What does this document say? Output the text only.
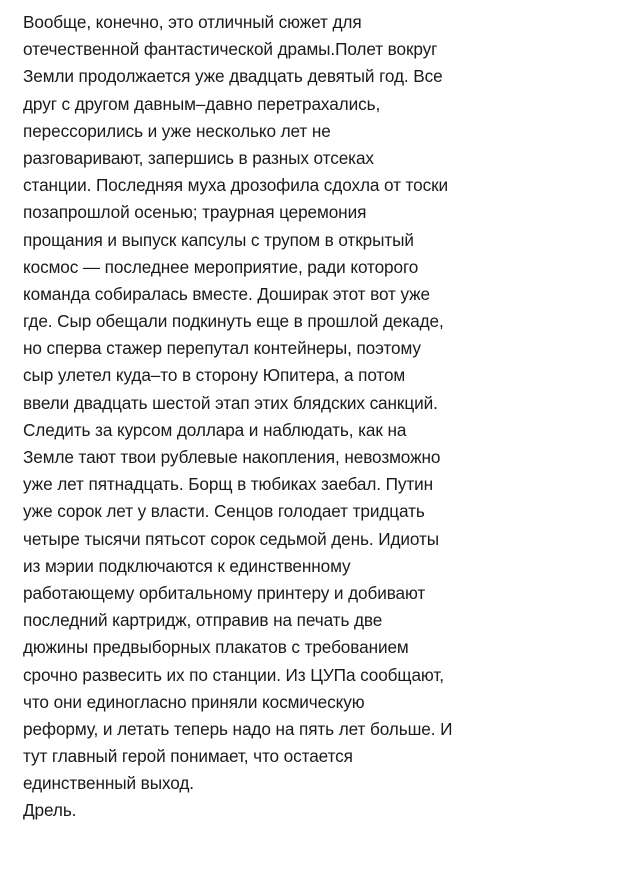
Вообще, конечно, это отличный сюжет для
отечественной фантастической драмы.Полет вокруг
Земли продолжается уже двадцать девятый год. Все
друг с другом давным–давно перетрахались,
перессорились и уже несколько лет не
разговаривают, запершись в разных отсеках
станции. Последняя муха дрозофила сдохла от тоски
позапрошлой осенью; траурная церемония
прощания и выпуск капсулы с трупом в открытый
космос — последнее мероприятие, ради которого
команда собиралась вместе. Доширак этот вот уже
где. Сыр обещали подкинуть еще в прошлой декаде,
но сперва стажер перепутал контейнеры, поэтому
сыр улетел куда–то в сторону Юпитера, а потом
ввели двадцать шестой этап этих блядских санкций.
Следить за курсом доллара и наблюдать, как на
Земле тают твои рублевые накопления, невозможно
уже лет пятнадцать. Борщ в тюбиках заебал. Путин
уже сорок лет у власти. Сенцов голодает тридцать
четыре тысячи пятьсот сорок седьмой день. Идиоты
из мэрии подключаются к единственному
работающему орбитальному принтеру и добивают
последний картридж, отправив на печать две
дюжины предвыборных плакатов с требованием
срочно развесить их по станции. Из ЦУПа сообщают,
что они единогласно приняли космическую
реформу, и летать теперь надо на пять лет больше. И
тут главный герой понимает, что остается
единственный выход.
Дрель.
